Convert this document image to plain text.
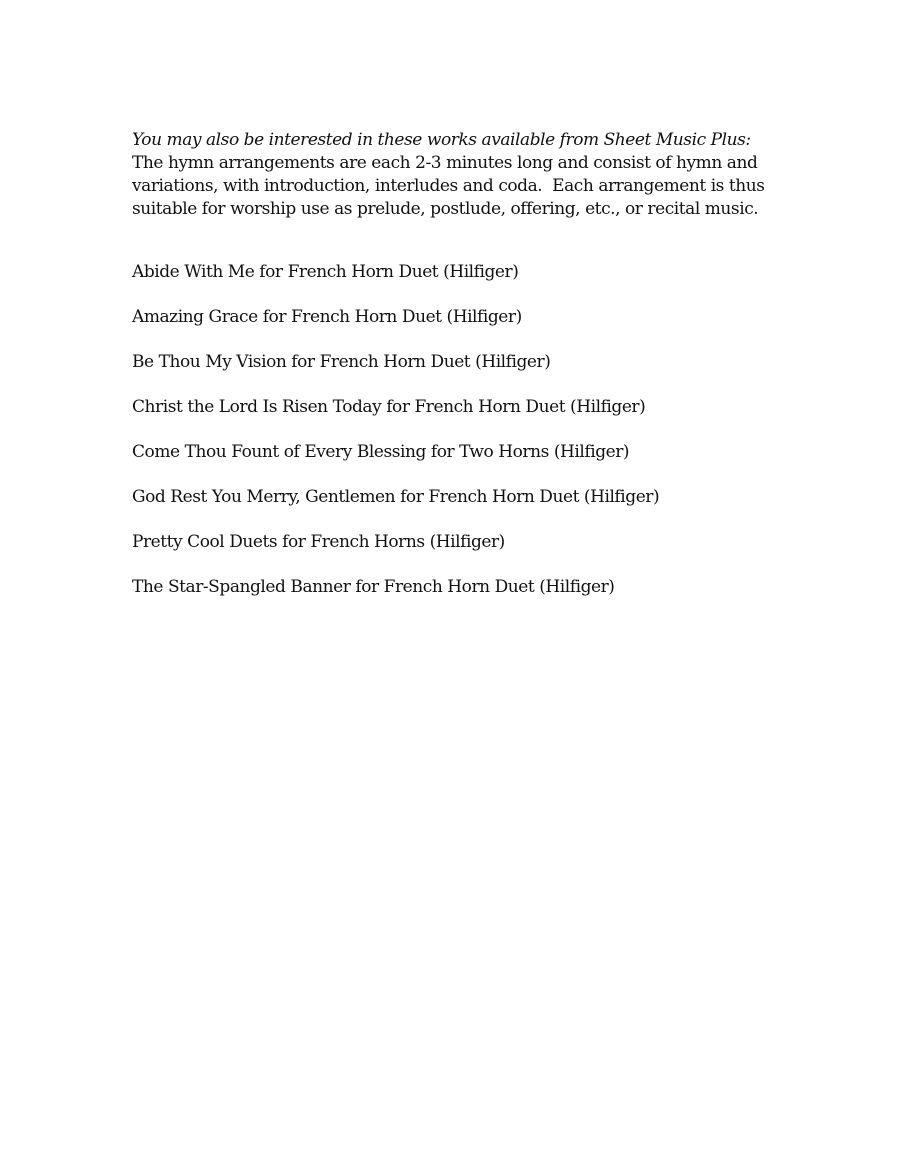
You may also be interested in these works available from Sheet Music Plus:

The hymn arrangements are each 2-3 minutes long and consist of hymn and
variations, with introduction, interludes and coda.  Each arrangement is thus
suitable for worship use as prelude, postlude, offering, etc., or recital music.

Abide With Me for French Horn Duet (Hilfiger)
Amazing Grace for French Horn Duet (Hilfiger)
Be Thou My Vision for French Horn Duet (Hilfiger)
Christ the Lord Is Risen Today for French Horn Duet (Hilfiger)
Come Thou Fount of Every Blessing for Two Horns (Hilfiger)
God Rest You Merry, Gentlemen for French Horn Duet (Hilfiger)
Pretty Cool Duets for French Horns (Hilfiger)
The Star-Spangled Banner for French Horn Duet (Hilfiger)
